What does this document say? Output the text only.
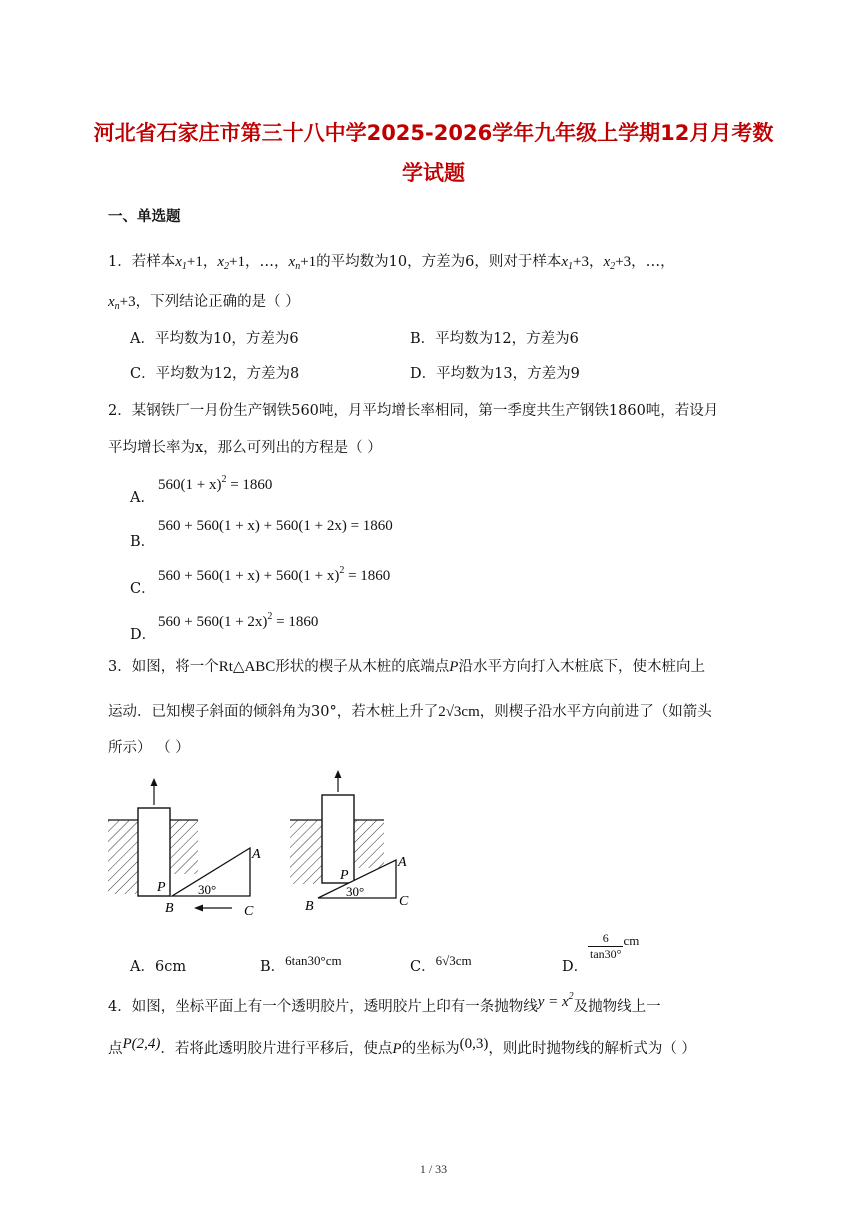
河北省石家庄市第三十八中学2025-2026学年九年级上学期12月月考数
学试题
一、单选题
1．若样本$x_1+1$，$x_2+1$，…，$x_n+1$的平均数为10，方差为6，则对于样本$x_1+3$，$x_2+3$，…，
$x_n+3$，下列结论正确的是（ ）
A．平均数为10，方差为6	B．平均数为12，方差为6
C．平均数为12，方差为8	D．平均数为13，方差为9
2．某钢铁厂一月份生产钢铁560吨，月平均增长率相同，第一季度共生产钢铁1860吨，若设月
平均增长率为x，那么可列出的方程是（ ）
A．
$560(1 + x)^2 = 1860$
B．
560 + 560(1 + x) + 560(1 + 2x) = 1860
C．
$560 + 560(1 + x) + 560(1 + x)^2 = 1860$
D．
$560 + 560(1 + 2x)^2 = 1860$
3．如图，将一个Rt△ABC形状的楔子从木桩的底端点P沿水平方向打入木桩底下，使木桩向上
运动．已知楔子斜面的倾斜角为30°，若木桩上升了2√3cm，则楔子沿水平方向前进了（如箭头
所示） （ ）
A
B	C
P 30°
A
B	C
P
30°
A．6cm	B．6tan30°cm	C．6√3cm	D．
$\frac{6}{\tan 30^\circ} ^{cm}$
4．如图，坐标平面上有一个透明胶片，透明胶片上印有一条抛物线$y = x^2$及抛物线上一
点P(2,4)．若将此透明胶片进行平移后，使点P的坐标为(0,3)，则此时抛物线的解析式为（ ）
1 / 33
